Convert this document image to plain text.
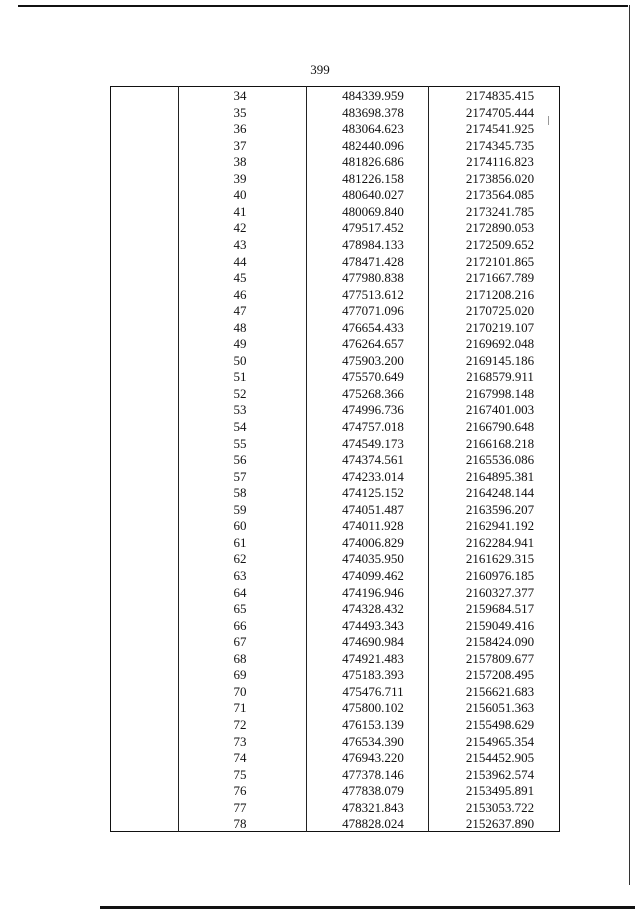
399
34	484339.959	2174835.415
35	483698.378	2174705.444
36	483064.623	2174541.925
37	482440.096	2174345.735
38	481826.686	2174116.823
39	481226.158	2173856.020
40	480640.027	2173564.085
41	480069.840	2173241.785
42	479517.452	2172890.053
43	478984.133	2172509.652
44	478471.428	2172101.865
45	477980.838	2171667.789
46	477513.612	2171208.216
47	477071.096	2170725.020
48	476654.433	2170219.107
49	476264.657	2169692.048
50	475903.200	2169145.186
51	475570.649	2168579.911
52	475268.366	2167998.148
53	474996.736	2167401.003
54	474757.018	2166790.648
55	474549.173	2166168.218
56	474374.561	2165536.086
57	474233.014	2164895.381
58	474125.152	2164248.144
59	474051.487	2163596.207
60	474011.928	2162941.192
61	474006.829	2162284.941
62	474035.950	2161629.315
63	474099.462	2160976.185
64	474196.946	2160327.377
65	474328.432	2159684.517
66	474493.343	2159049.416
67	474690.984	2158424.090
68	474921.483	2157809.677
69	475183.393	2157208.495
70	475476.711	2156621.683
71	475800.102	2156051.363
72	476153.139	2155498.629
73	476534.390	2154965.354
74	476943.220	2154452.905
75	477378.146	2153962.574
76	477838.079	2153495.891
77	478321.843	2153053.722
78	478828.024	2152637.890
